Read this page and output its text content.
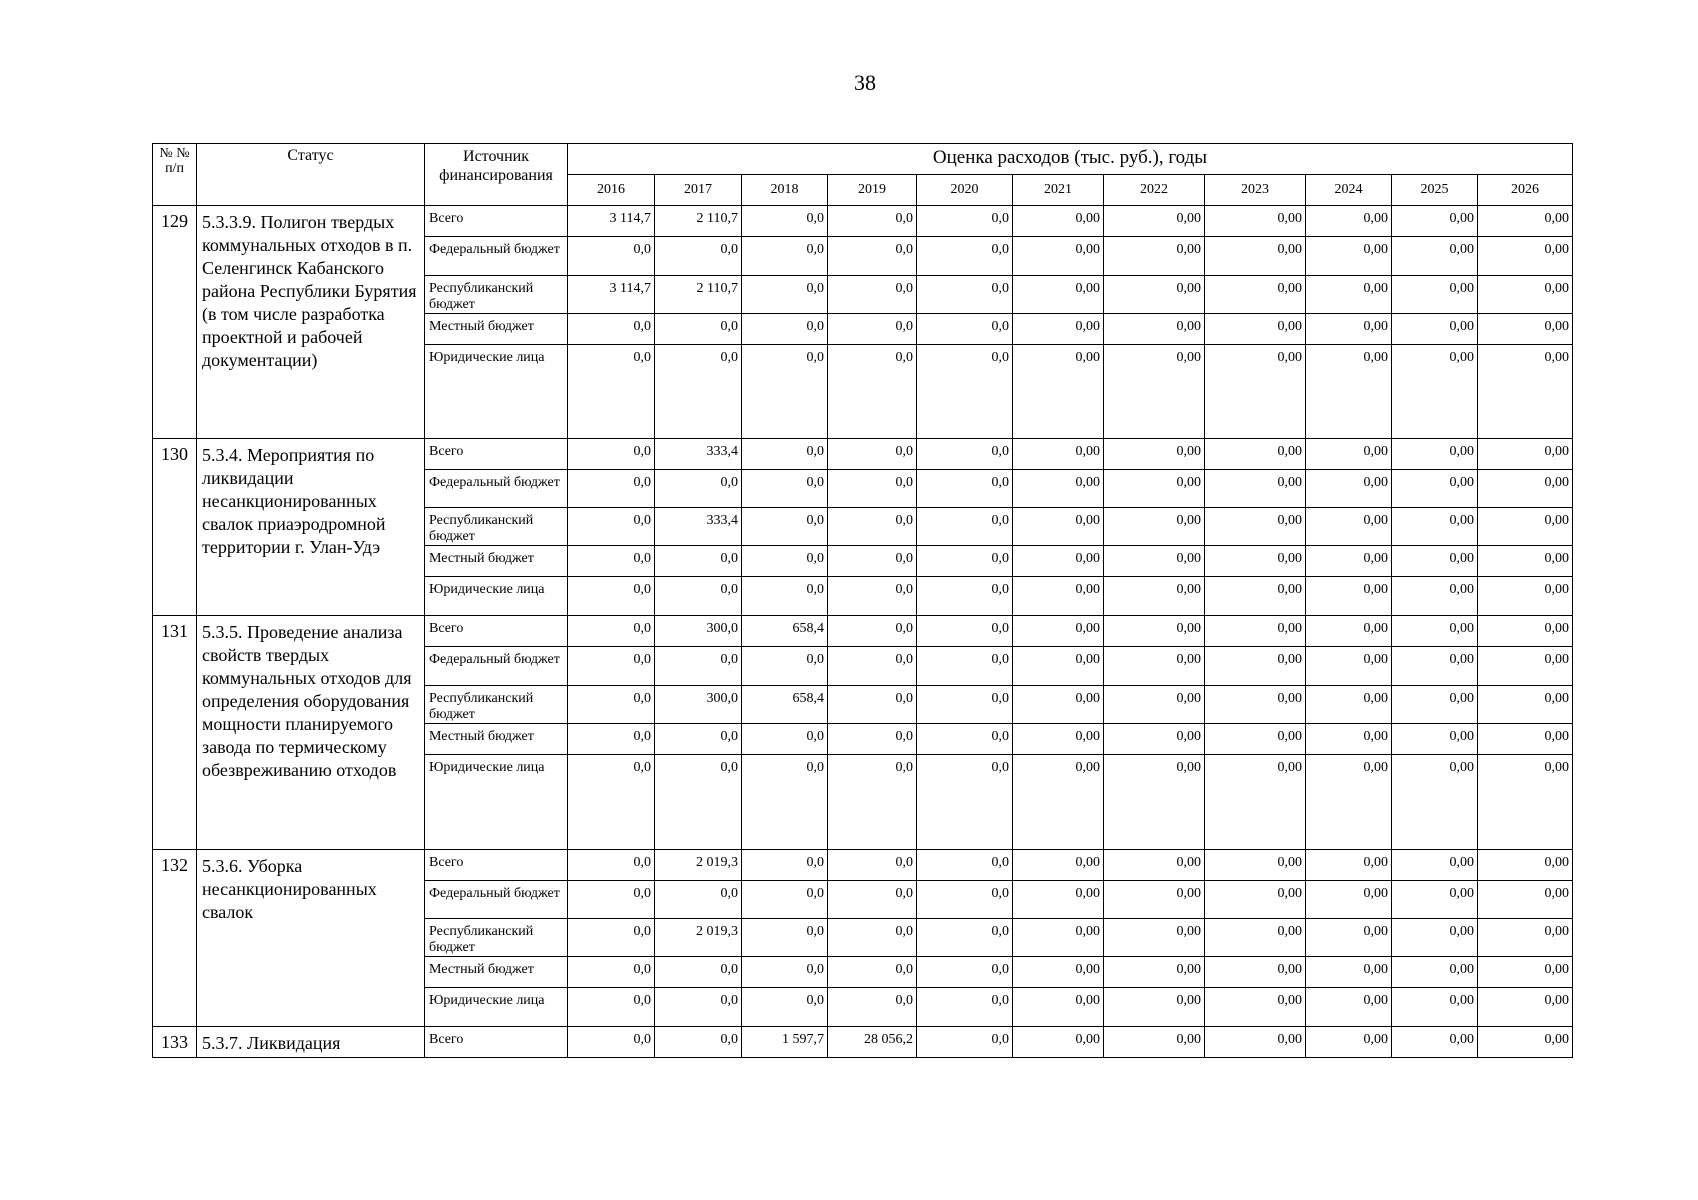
38
№ № п/п	Статус	Источник финансирования	Оценка расходов (тыс. руб.), годы										
			2016	2017	2018	2019	2020	2021	2022	2023	2024	2025	2026
129	5.3.3.9. Полигон твердых коммунальных отходов в п. Селенгинск Кабанского района Республики Бурятия (в том числе разработка проектной и рабочей документации)	Всего	3 114,7	2 110,7	0,0	0,0	0,0	0,00	0,00	0,00	0,00	0,00	0,00
		Федеральный бюджет	0,0	0,0	0,0	0,0	0,0	0,00	0,00	0,00	0,00	0,00	0,00
		Республиканский бюджет	3 114,7	2 110,7	0,0	0,0	0,0	0,00	0,00	0,00	0,00	0,00	0,00
		Местный бюджет	0,0	0,0	0,0	0,0	0,0	0,00	0,00	0,00	0,00	0,00	0,00
		Юридические лица	0,0	0,0	0,0	0,0	0,0	0,00	0,00	0,00	0,00	0,00	0,00
130	5.3.4. Мероприятия по ликвидации несанкционированных свалок приаэродромной территории г. Улан-Удэ	Всего	0,0	333,4	0,0	0,0	0,0	0,00	0,00	0,00	0,00	0,00	0,00
		Федеральный бюджет	0,0	0,0	0,0	0,0	0,0	0,00	0,00	0,00	0,00	0,00	0,00
		Республиканский бюджет	0,0	333,4	0,0	0,0	0,0	0,00	0,00	0,00	0,00	0,00	0,00
		Местный бюджет	0,0	0,0	0,0	0,0	0,0	0,00	0,00	0,00	0,00	0,00	0,00
		Юридические лица	0,0	0,0	0,0	0,0	0,0	0,00	0,00	0,00	0,00	0,00	0,00
131	5.3.5. Проведение анализа свойств твердых коммунальных отходов для определения оборудования мощности планируемого завода по термическому обезвреживанию отходов	Всего	0,0	300,0	658,4	0,0	0,0	0,00	0,00	0,00	0,00	0,00	0,00
		Федеральный бюджет	0,0	0,0	0,0	0,0	0,0	0,00	0,00	0,00	0,00	0,00	0,00
		Республиканский бюджет	0,0	300,0	658,4	0,0	0,0	0,00	0,00	0,00	0,00	0,00	0,00
		Местный бюджет	0,0	0,0	0,0	0,0	0,0	0,00	0,00	0,00	0,00	0,00	0,00
		Юридические лица	0,0	0,0	0,0	0,0	0,0	0,00	0,00	0,00	0,00	0,00	0,00
132	5.3.6. Уборка несанкционированных свалок	Всего	0,0	2 019,3	0,0	0,0	0,0	0,00	0,00	0,00	0,00	0,00	0,00
		Федеральный бюджет	0,0	0,0	0,0	0,0	0,0	0,00	0,00	0,00	0,00	0,00	0,00
		Республиканский бюджет	0,0	2 019,3	0,0	0,0	0,0	0,00	0,00	0,00	0,00	0,00	0,00
		Местный бюджет	0,0	0,0	0,0	0,0	0,0	0,00	0,00	0,00	0,00	0,00	0,00
		Юридические лица	0,0	0,0	0,0	0,0	0,0	0,00	0,00	0,00	0,00	0,00	0,00
133	5.3.7. Ликвидация	Всего	0,0	0,0	1 597,7	28 056,2	0,0	0,00	0,00	0,00	0,00	0,00	0,00
